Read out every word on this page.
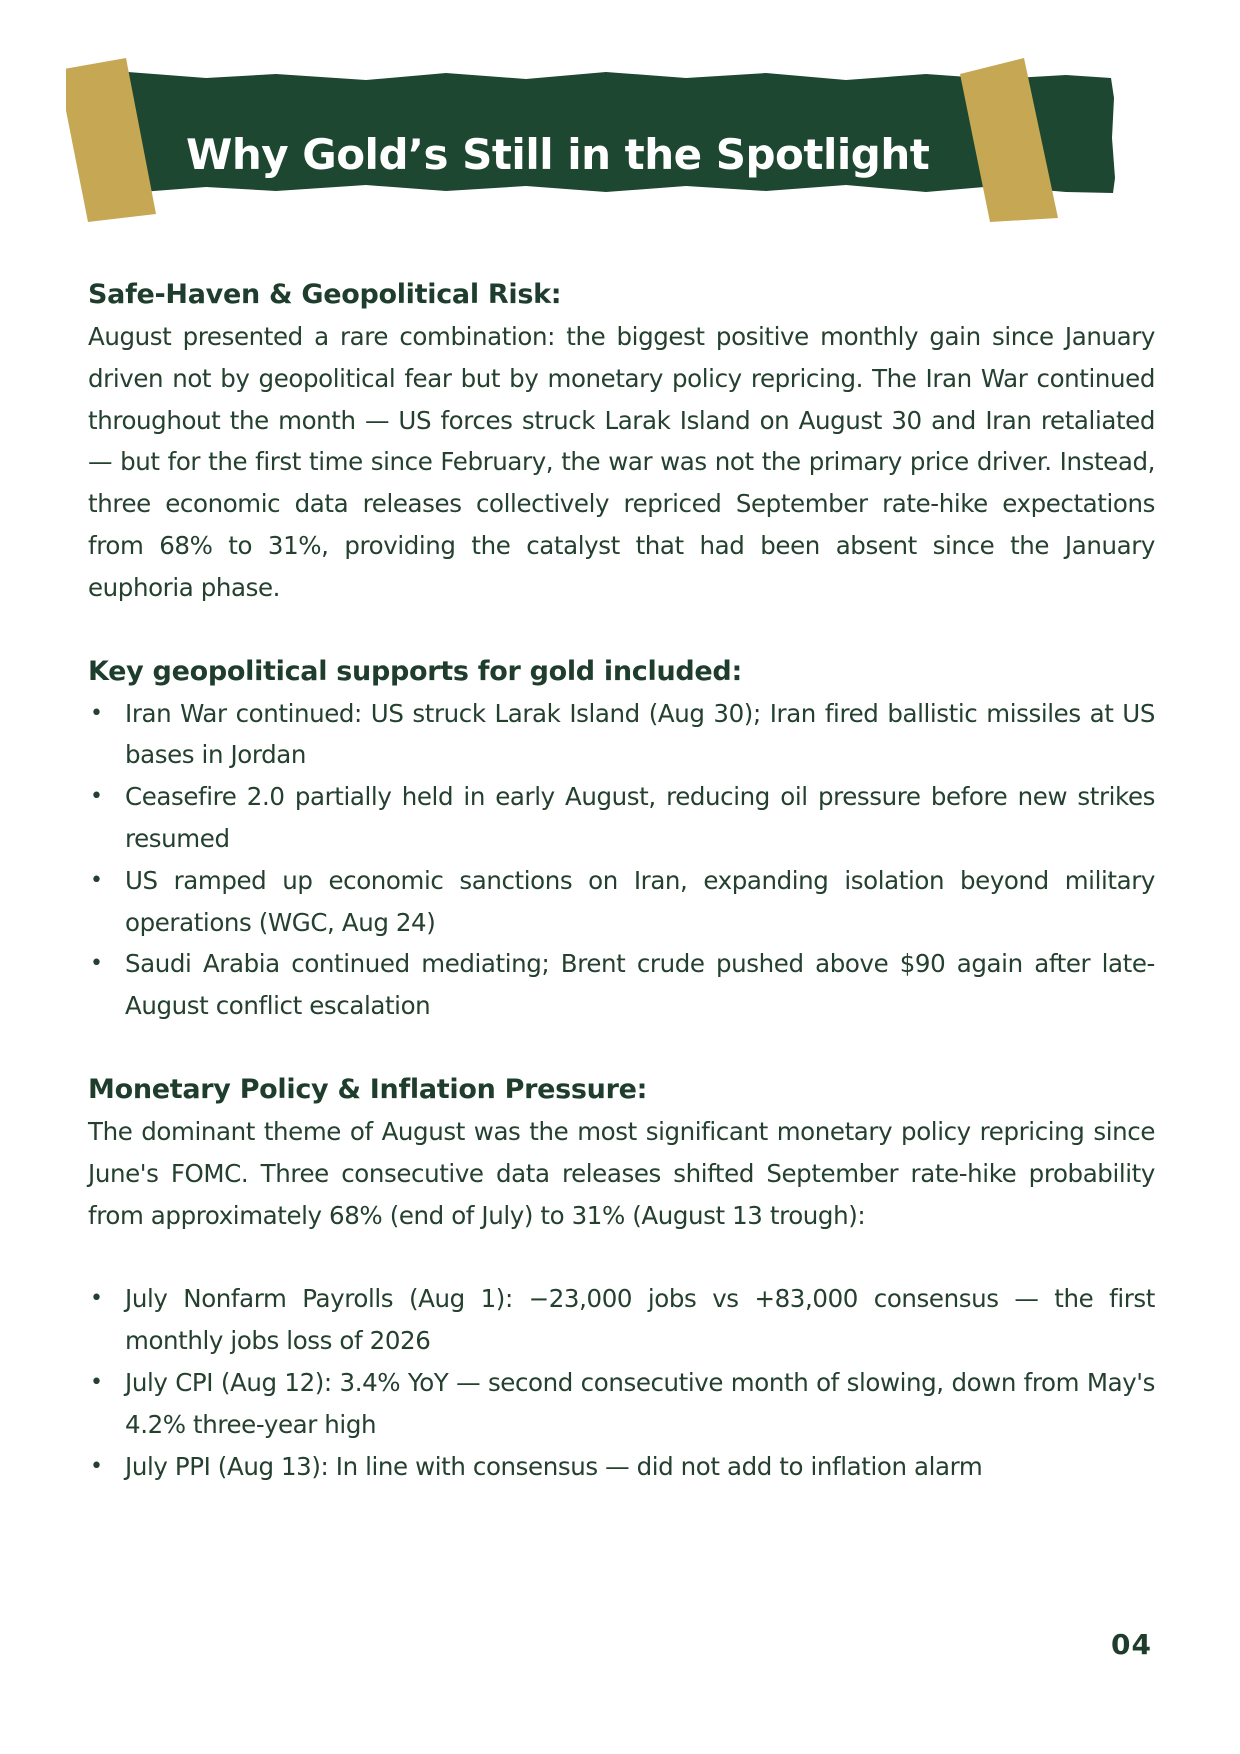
Why Gold’s Still in the Spotlight
Safe-Haven & Geopolitical Risk:

August presented a rare combination: the biggest positive monthly gain since January driven not by geopolitical fear but by monetary policy repricing. The Iran War continued throughout the month — US forces struck Larak Island on August 30 and Iran retaliated — but for the first time since February, the war was not the primary price driver. Instead, three economic data releases collectively repriced September rate-hike expectations from 68% to 31%, providing the catalyst that had been absent since the January euphoria phase.

Key geopolitical supports for gold included:
• Iran War continued: US struck Larak Island (Aug 30); Iran fired ballistic missiles at US bases in Jordan
• Ceasefire 2.0 partially held in early August, reducing oil pressure before new strikes resumed
• US ramped up economic sanctions on Iran, expanding isolation beyond military operations (WGC, Aug 24)
• Saudi Arabia continued mediating; Brent crude pushed above $90 again after late-August conflict escalation
Monetary Policy & Inflation Pressure:

The dominant theme of August was the most significant monetary policy repricing since June's FOMC. Three consecutive data releases shifted September rate-hike probability from approximately 68% (end of July) to 31% (August 13 trough):

• July Nonfarm Payrolls (Aug 1): −23,000 jobs vs +83,000 consensus — the first monthly jobs loss of 2026
• July CPI (Aug 12): 3.4% YoY — second consecutive month of slowing, down from May's 4.2% three-year high
• July PPI (Aug 13): In line with consensus — did not add to inflation alarm
04
